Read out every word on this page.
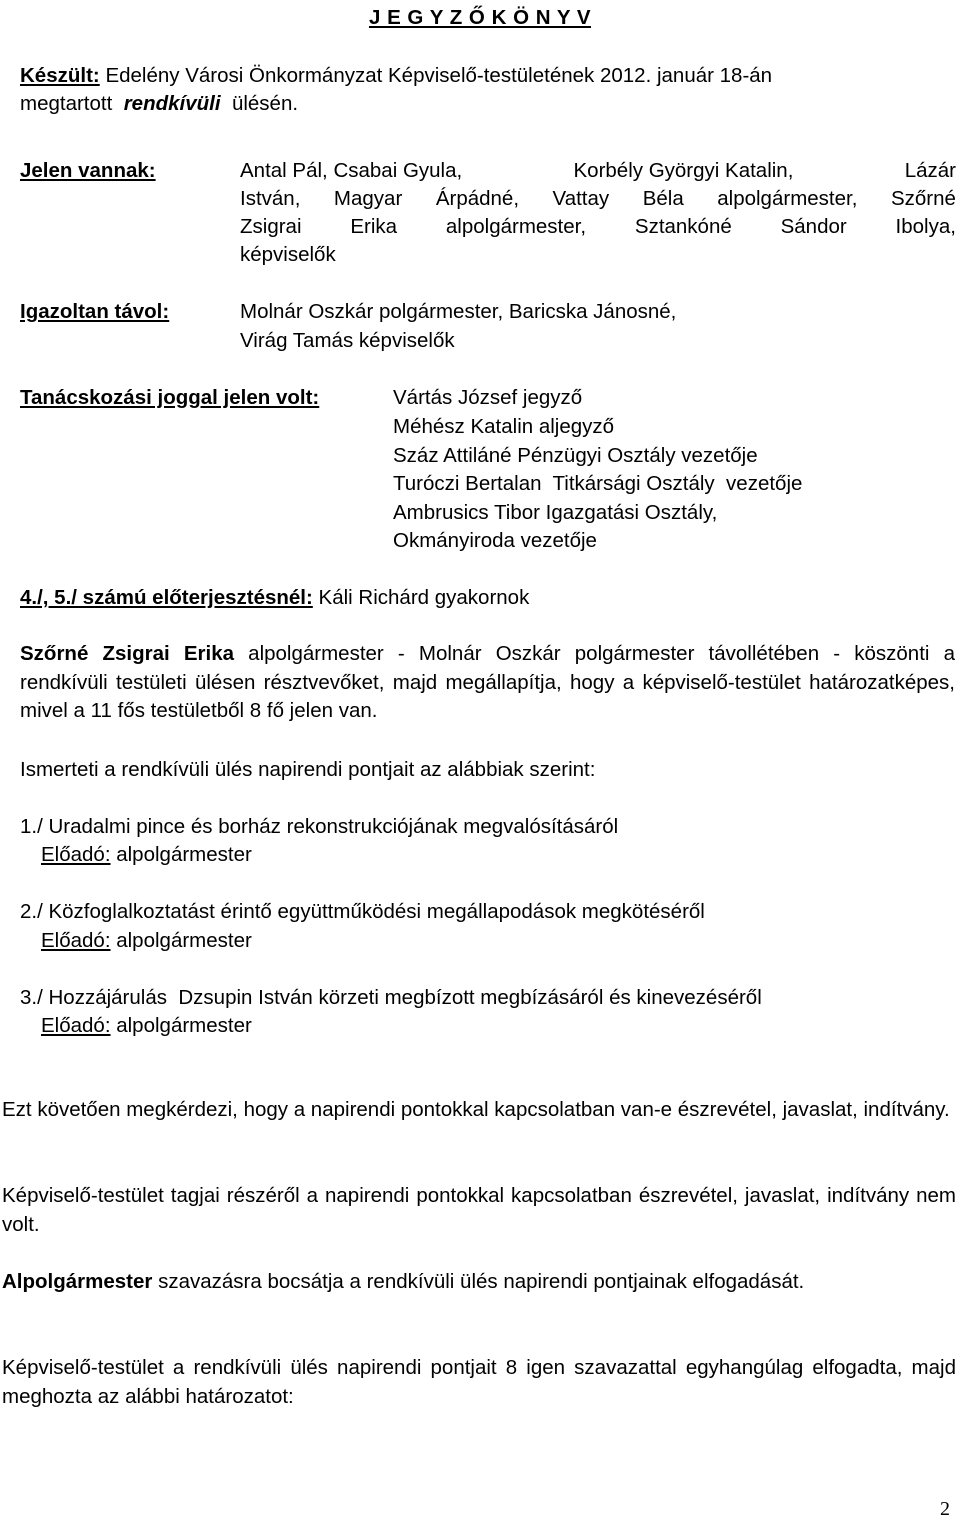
J E G Y Z Ő K Ö N Y V
Készült: Edelény Városi Önkormányzat Képviselő-testületének 2012. január 18-án
megtartott rendkívüli ülésén.
Jelen vannak:	Antal Pál, Csabai Gyula,	Korbély Györgyi Katalin,	Lázár
István, Magyar Árpádné, Vattay Béla alpolgármester, Szőrné
Zsigrai Erika alpolgármester, Sztankóné Sándor Ibolya,
képviselők
Igazoltan távol:	Molnár Oszkár polgármester, Baricska Jánosné,
Virág Tamás képviselők
Tanácskozási joggal jelen volt:	Vártás József jegyző
Méhész Katalin aljegyző
Száz Attiláné Pénzügyi Osztály vezetője
Turóczi Bertalan  Titkársági Osztály  vezetője
Ambrusics Tibor Igazgatási Osztály,
Okmányiroda vezetője
4./, 5./ számú előterjesztésnél: Káli Richárd gyakornok
Szőrné Zsigrai Erika alpolgármester - Molnár Oszkár polgármester távollétében - köszönti a rendkívüli testületi ülésen résztvevőket, majd megállapítja, hogy a képviselő-testület határozatképes, mivel a 11 fős testületből 8 fő jelen van.
Ismerteti a rendkívüli ülés napirendi pontjait az alábbiak szerint:
1./ Uradalmi pince és borház rekonstrukciójának megvalósításáról
Előadó: alpolgármester
2./ Közfoglalkoztatást érintő együttműködési megállapodások megkötéséről
Előadó: alpolgármester
3./ Hozzájárulás  Dzsupin István körzeti megbízott megbízásáról és kinevezéséről
Előadó: alpolgármester
Ezt követően megkérdezi, hogy a napirendi pontokkal kapcsolatban van-e észrevétel, javaslat, indítvány.
Képviselő-testület tagjai részéről a napirendi pontokkal kapcsolatban észrevétel, javaslat, indítvány nem volt.
Alpolgármester szavazásra bocsátja a rendkívüli ülés napirendi pontjainak elfogadását.
Képviselő-testület a rendkívüli ülés napirendi pontjait 8 igen szavazattal egyhangúlag elfogadta, majd meghozta az alábbi határozatot:
2
